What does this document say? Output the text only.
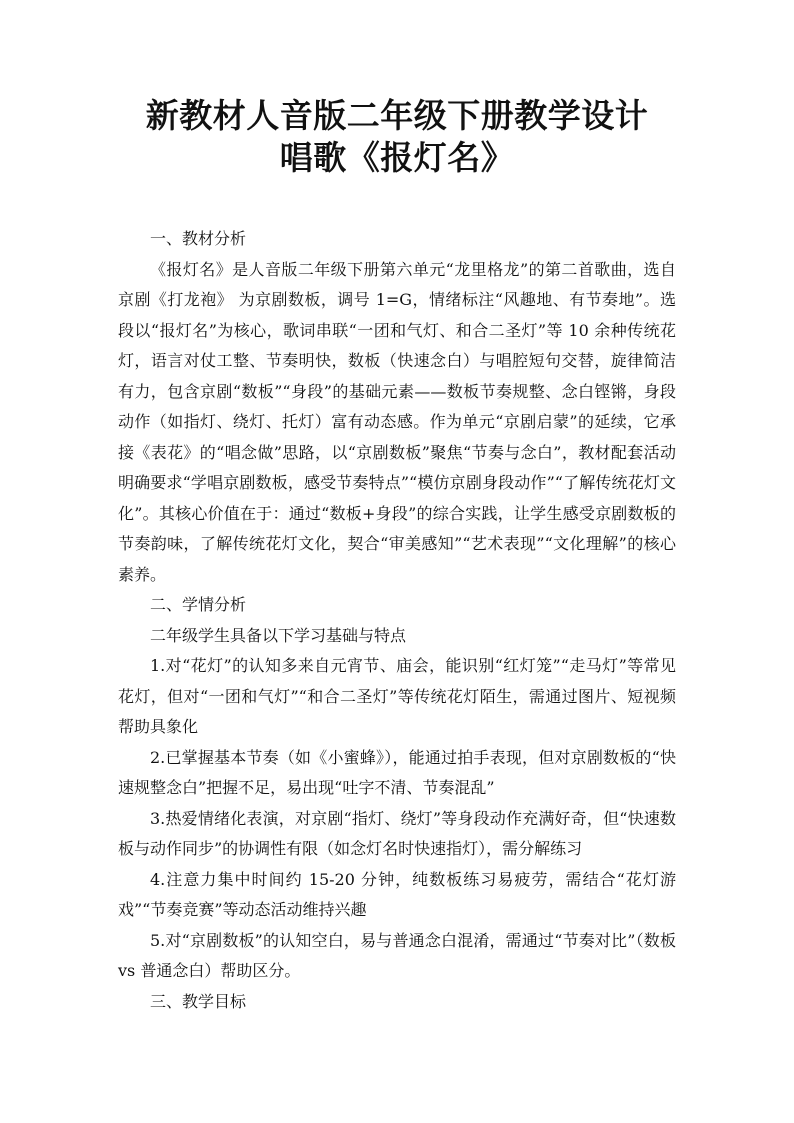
新教材人音版二年级下册教学设计
唱歌《报灯名》

一、教材分析

《报灯名》是人音版二年级下册第六单元“龙里格龙”的第二首歌曲，选自京剧《打龙袍》 为京剧数板，调号 1=G，情绪标注“风趣地、有节奏地”。选段以“报灯名”为核心，歌词串联“一团和气灯、和合二圣灯”等 10 余种传统花灯，语言对仗工整、节奏明快，数板（快速念白）与唱腔短句交替，旋律简洁有力，包含京剧“数板”“身段”的基础元素——数板节奏规整、念白铿锵，身段动作（如指灯、绕灯、托灯）富有动态感。作为单元“京剧启蒙”的延续，它承接《表花》的“唱念做”思路，以“京剧数板”聚焦“节奏与念白”，教材配套活动明确要求“学唱京剧数板，感受节奏特点”“模仿京剧身段动作”“了解传统花灯文化”。其核心价值在于：通过“数板+身段”的综合实践，让学生感受京剧数板的节奏韵味，了解传统花灯文化，契合“审美感知”“艺术表现”“文化理解”的核心素养。

二、学情分析

二年级学生具备以下学习基础与特点

1.对“花灯”的认知多来自元宵节、庙会，能识别“红灯笼”“走马灯”等常见花灯，但对“一团和气灯”“和合二圣灯”等传统花灯陌生，需通过图片、短视频帮助具象化

2.已掌握基本节奏（如《小蜜蜂》），能通过拍手表现，但对京剧数板的“快速规整念白”把握不足，易出现“吐字不清、节奏混乱”

3.热爱情绪化表演，对京剧“指灯、绕灯”等身段动作充满好奇，但“快速数板与动作同步”的协调性有限（如念灯名时快速指灯），需分解练习

4.注意力集中时间约 15-20 分钟，纯数板练习易疲劳，需结合“花灯游戏”“节奏竞赛”等动态活动维持兴趣

5.对“京剧数板”的认知空白，易与普通念白混淆，需通过“节奏对比”（数板 vs 普通念白）帮助区分。

三、教学目标
